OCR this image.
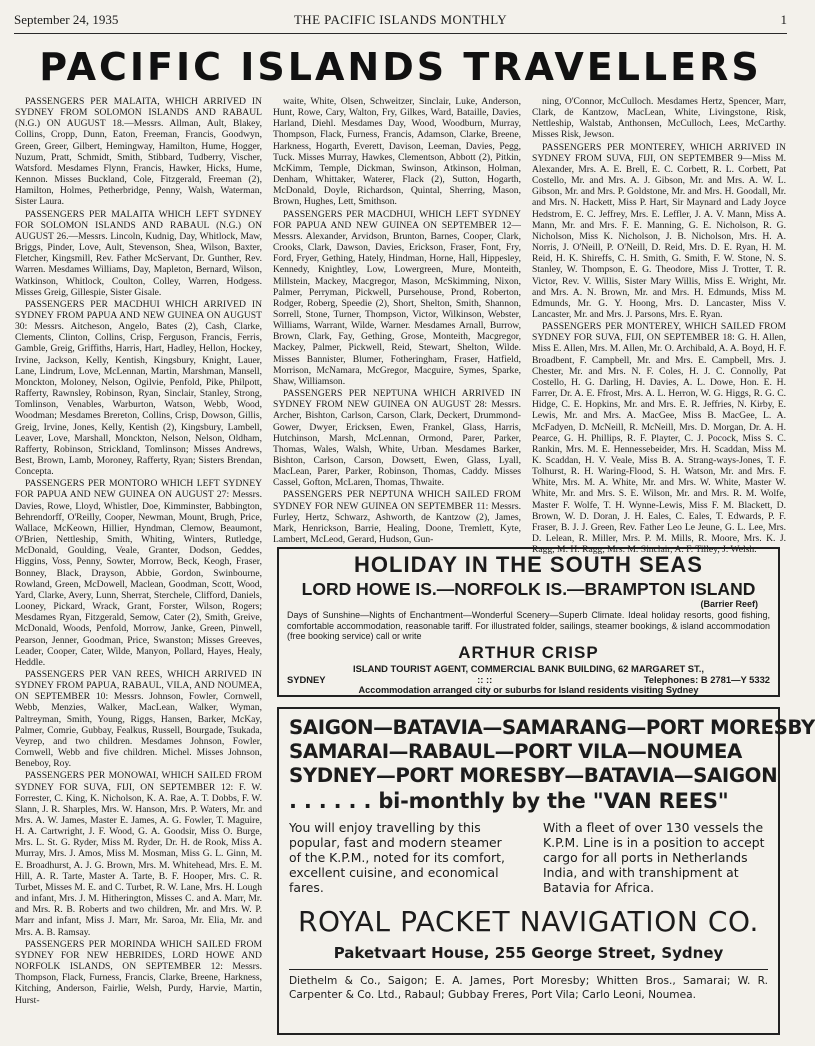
September 24, 1935	THE PACIFIC ISLANDS MONTHLY	1
PACIFIC ISLANDS TRAVELLERS

PASSENGERS PER MALAITA, WHICH ARRIVED IN SYDNEY FROM SOLOMON ISLANDS AND RABAUL (N.G.) ON AUGUST 18.—Messrs. Allman, Ault, Blakey, Collins, Cropp, Dunn, Eaton, Freeman, Francis, Goodwyn, Green, Greer, Gilbert, Hemingway, Hamilton, Hume, Hogger, Nuzum, Pratt, Schmidt, Smith, Stibbard, Tudberry, Vischer, Watsford. Mesdames Flynn, Francis, Hawker, Hicks, Hume, Kennon. Misses Buckland, Cole, Fitzgerald, Freeman (2), Hamilton, Holmes, Petherbridge, Penny, Walsh, Waterman, Sister Laura.

PASSENGERS PER MALAITA WHICH LEFT SYDNEY FOR SOLOMON ISLANDS AND RABAUL (N.G.) ON AUGUST 26.—Messrs. Lincoln, Kudnig, Day, Whitlock, Maw, Briggs, Pinder, Love, Ault, Stevenson, Shea, Wilson, Baxter, Fletcher, Kingsmill, Rev. Father McServant, Dr. Gunther, Rev. Warren. Mesdames Williams, Day, Mapleton, Bernard, Wilson, Watkinson, Whitlock, Coulton, Colley, Warren, Hodgess. Misses Greig, Gillespie, Sister Gisale.

PASSENGERS PER MACDHUI WHICH ARRIVED IN SYDNEY FROM PAPUA AND NEW GUINEA ON AUGUST 30: Messrs. Aitcheson, Angelo, Bates (2), Cash, Clarke, Clements, Clinton, Collins, Crisp, Ferguson, Francis, Ferris, Gamble, Greig, Griffiths, Harris, Hart, Hadley, Hellon, Hockey, Irvine, Jackson, Kelly, Kentish, Kingsbury, Knight, Lauer, Lane, Lindrum, Love, McLennan, Martin, Marshman, Mansell, Monckton, Moloney, Nelson, Ogilvie, Penfold, Pike, Philpott, Rafferty, Rawnsley, Robinson, Ryan, Sinclair, Stanley, Strong, Tomlinson, Venables, Warburton, Watson, Webb, Wood, Woodman; Mesdames Brereton, Collins, Crisp, Dowson, Gillis, Greig, Irvine, Jones, Kelly, Kentish (2), Kingsbury, Lambell, Leaver, Love, Marshall, Monckton, Nelson, Nelson, Oldham, Rafferty, Robinson, Strickland, Tomlinson; Misses Andrews, Best, Brown, Lamb, Moroney, Rafferty, Ryan; Sisters Brendan, Concepta.

PASSENGERS PER MONTORO WHICH LEFT SYDNEY FOR PAPUA AND NEW GUINEA ON AUGUST 27: Messrs. Davies, Rowe, Lloyd, Whistler, Doe, Kimminster, Babbington, Behrendorff, O'Reilly, Cooper, Newman, Mount, Brugh, Price, Wallace, McKeown, Hillier, Hyndman, Clemow, Beaumont, O'Brien, Nettleship, Smith, Whiting, Winters, Rutledge, McDonald, Goulding, Veale, Granter, Dodson, Geddes, Higgins, Voss, Penny, Sowter, Morrow, Beck, Keogh, Fraser, Bonney, Black, Drayson, Abbie, Gordon, Swinbourne, Rowland, Green, McDowell, Maclean, Goodman, Scott, Wood, Yard, Clarke, Avery, Lunn, Sherrat, Sterchele, Clifford, Daniels, Looney, Pickard, Wrack, Grant, Forster, Wilson, Rogers; Mesdames Ryan, Fitzgerald, Semow, Cater (2), Smith, Greive, McDonald, Woods, Penfold, Morrow, Janke, Green, Pinwell, Pearson, Jenner, Goodman, Price, Swanston; Misses Greeves, Leader, Cooper, Cater, Wilde, Manyon, Pollard, Hayes, Healy, Heddle.

PASSENGERS PER VAN REES, WHICH ARRIVED IN SYDNEY FROM PAPUA, RABAUL, VILA, AND NOUMEA, ON SEPTEMBER 10: Messrs. Johnson, Fowler, Cornwell, Webb, Menzies, Walker, MacLean, Walker, Wyman, Paltreyman, Smith, Young, Riggs, Hansen, Barker, McKay, Palmer, Comrie, Gubbay, Fealkus, Russell, Bourgade, Tsukada, Veyrep, and two children. Mesdames Johnson, Fowler, Cornwell, Webb and five children. Michel. Misses Johnson, Beneboy, Roy.

PASSENGERS PER MONOWAI, WHICH SAILED FROM SYDNEY FOR SUVA, FIJI, ON SEPTEMBER 12: F. W. Forrester, C. King, K. Nicholson, K. A. Rae, A. T. Dobbs, F. W. Slann, J. R. Sharples, Mrs. W. Hanson, Mrs. P. Waters, Mr. and Mrs. A. W. James, Master E. James, A. G. Fowler, T. Maguire, H. A. Cartwright, J. F. Wood, G. A. Goodsir, Miss O. Burge, Mrs. L. St. G. Ryder, Miss M. Ryder, Dr. H. de Rook, Miss A. Murray, Mrs. J. Amos, Miss M. Mosman, Miss G. L. Ginn, M. E. Broadhurst, A. J. G. Brown, Mrs. M. Whitehead, Mrs. E. M. Hill, A. R. Tarte, Master A. Tarte, B. F. Hooper, Mrs. C. R. Turbet, Misses M. E. and C. Turbet, R. W. Lane, Mrs. H. Lough and infant, Mrs. J. M. Hitherington, Misses C. and A. Marr, Mr. and Mrs. R. B. Roberts and two children, Mr. and Mrs. W. P. Marr and infant, Miss J. Marr, Mr. Saroa, Mr. Elia, Mr. and Mrs. A. B. Ramsay.

PASSENGERS PER MORINDA WHICH SAILED FROM SYDNEY FOR NEW HEBRIDES, LORD HOWE AND NORFOLK ISLANDS, ON SEPTEMBER 12: Messrs. Thompson, Flack, Furness, Francis, Clarke, Breene, Harkness, Kitching, Anderson, Fairlie, Welsh, Purdy, Harvie, Martin, Hurst-

waite, White, Olsen, Schweitzer, Sinclair, Luke, Anderson, Hunt, Rowe, Cary, Walton, Fry, Gilkes, Ward, Bataille, Davies, Harland, Diehl. Mesdames Day, Wood, Woodburn, Murray, Thompson, Flack, Furness, Francis, Adamson, Clarke, Breene, Harkness, Hogarth, Everett, Davison, Leeman, Davies, Pegg, Tuck. Misses Murray, Hawkes, Clementson, Abbott (2), Pitkin, McKimm, Temple, Dickman, Swinson, Atkinson, Holman, Denham, Whittaker, Waterer, Flack (2), Sutton, Hogarth, McDonald, Doyle, Richardson, Quintal, Sherring, Mason, Brown, Hughes, Lett, Smithson.

PASSENGERS PER MACDHUI, WHICH LEFT SYDNEY FOR PAPUA AND NEW GUINEA ON SEPTEMBER 12—Messrs. Alexander, Arvidson, Brunton, Barnes, Cooper, Clark, Crooks, Clark, Dawson, Davies, Erickson, Fraser, Font, Fry, Ford, Fryer, Gething, Hately, Hindman, Horne, Hall, Hippesley, Kennedy, Knightley, Low, Lowergreen, Mure, Monteith, Millstein, Mackey, Macgregor, Mason, McSkimming, Nixon, Palmer, Perryman, Pickwell, Pursehouse, Prond, Roberton, Rodger, Roberg, Speedie (2), Short, Shelton, Smith, Shannon, Sorrell, Stone, Turner, Thompson, Victor, Wilkinson, Webster, Williams, Warrant, Wilde, Warner. Mesdames Arnall, Burrow, Brown, Clark, Fay, Gething, Grose, Monteith, Macgregor, Mackey, Palmer, Pickwell, Reid, Stewart, Shelton, Wilde. Misses Bannister, Blumer, Fotheringham, Fraser, Hatfield, Morrison, McNamara, McGregor, Macguire, Symes, Sparke, Shaw, Williamson.

PASSENGERS PER NEPTUNA WHICH ARRIVED IN SYDNEY FROM NEW GUINEA ON AUGUST 28: Messrs. Archer, Bishton, Carlson, Carson, Clark, Deckert, Drummond-Gower, Dwyer, Ericksen, Ewen, Frankel, Glass, Harris, Hutchinson, Marsh, McLennan, Ormond, Parer, Parker, Thomas, Wales, Walsh, White, Urban. Mesdames Barker, Bishton, Carlson, Carson, Dowsett, Ewen, Glass, Lyall, MacLean, Parer, Parker, Robinson, Thomas, Caddy. Misses Cassel, Gofton, McLaren, Thomas, Thwaite.

PASSENGERS PER NEPTUNA WHICH SAILED FROM SYDNEY FOR NEW GUINEA ON SEPTEMBER 11: Messrs. Furley, Hertz, Schwarz, Ashworth, de Kantzow (2), James, Mark, Henrickson, Barrie, Healing, Doone, Tremlett, Kyte, Lambert, McLeod, Gerard, Hudson, Gun-

ning, O'Connor, McCulloch. Mesdames Hertz, Spencer, Marr, Clark, de Kantzow, MacLean, White, Livingstone, Risk, Nettleship, Walstab, Anthonsen, McCulloch, Lees, McCarthy. Misses Risk, Jewson.

PASSENGERS PER MONTEREY, WHICH ARRIVED IN SYDNEY FROM SUVA, FIJI, ON SEPTEMBER 9—Miss M. Alexander, Mrs. A. E. Brell, E. C. Corbett, R. L. Corbett, Pat Costello, Mr. and Mrs. A. J. Gibson, Mr. and Mrs. A. W. L. Gibson, Mr. and Mrs. P. Goldstone, Mr. and Mrs. H. Goodall, Mr. and Mrs. N. Hackett, Miss P. Hart, Sir Maynard and Lady Joyce Hedstrom, E. C. Jeffrey, Mrs. E. Leffler, J. A. V. Mann, Miss A. Mann, Mr. and Mrs. F. E. Manning, G. E. Nicholson, R. G. Nicholson, Miss K. Nicholson, J. B. Nicholson, Mrs. H. A. Norris, J. O'Neill, P. O'Neill, D. Reid, Mrs. D. E. Ryan, H. M. Reid, H. K. Shireffs, C. H. Smith, G. Smith, F. W. Stone, N. S. Stanley, W. Thompson, E. G. Theodore, Miss J. Trotter, T. R. Victor, Rev. V. Willis, Sister Mary Willis, Miss E. Wright, Mr. and Mrs. A. N. Brown, Mr. and Mrs. H. Edmunds, Miss M. Edmunds, Mr. G. Y. Hoong, Mrs. D. Lancaster, Miss V. Lancaster, Mr. and Mrs. J. Parsons, Mrs. E. Ryan.

PASSENGERS PER MONTEREY, WHICH SAILED FROM SYDNEY FOR SUVA, FIJI, ON SEPTEMBER 18: G. H. Allen, Miss E. Allen, Mrs. M. Allen, Mr. O. Archibald, A. A. Boyd, H. F. Broadbent, F. Campbell, Mr. and Mrs. E. Campbell, Mrs. J. Chester, Mr. and Mrs. N. F. Coles, H. J. C. Connolly, Pat Costello, H. G. Darling, H. Davies, A. L. Dowe, Hon. E. H. Farrer, Dr. A. E. Ffrost, Mrs. A. L. Herron, W. G. Higgs, R. G. C. Hidge, C. E. Hopkins, Mr. and Mrs. E. R. Jeffries, N. Kirby, E. Lewis, Mr. and Mrs. A. MacGee, Miss B. MacGee, L. A. McFadyen, D. McNeill, R. McNeill, Mrs. D. Morgan, Dr. A. H. Pearce, G. H. Phillips, R. F. Playter, C. J. Pocock, Miss S. C. Rankin, Mrs. M. E. Hennessebeider, Mrs. H. Scaddan, Miss M. K. Scaddan, H. V. Veale, Miss B. A. Strang-ways-Jones, T. F. Tolhurst, R. H. Waring-Flood, S. H. Watson, Mr. and Mrs. F. White, Mrs. M. A. White, Mr. and Mrs. W. White, Master W. White, Mr. and Mrs. S. E. Wilson, Mr. and Mrs. R. M. Wolfe, Master F. Wolfe, T. H. Wynne-Lewis, Miss F. M. Blackett, D. Brown, W. D. Doran, J. H. Eales, C. Eales, T. Edwards, P. F. Fraser, B. J. J. Green, Rev. Father Leo Le Jeune, G. L. Lee, Mrs. D. Lelean, R. Miller, Mrs. P. M. Mills, R. Moore, Mrs. K. J. Ragg, M. H. Ragg, Mrs. M. Sinclair, A. F. Tilley, J. Welsh.

HOLIDAY IN THE SOUTH SEAS
LORD HOWE IS.—NORFOLK IS.—BRAMPTON ISLAND
(Barrier Reef)
Days of Sunshine—Nights of Enchantment—Wonderful Scenery—Superb Climate. Ideal holiday resorts, good fishing, comfortable accommodation, reasonable tariff. For illustrated folder, sailings, steamer bookings, & island accommodation (free booking service) call or write
ARTHUR CRISP
ISLAND TOURIST AGENT, COMMERCIAL BANK BUILDING, 62 MARGARET ST.,
SYDNEY	:: ::	Telephones: B 2781—Y 5332
Accommodation arranged city or suburbs for Island residents visiting Sydney
SAIGON—BATAVIA—SAMARANG—PORT MORESBY
SAMARAI—RABAUL—PORT VILA—NOUMEA
SYDNEY—PORT MORESBY—BATAVIA—SAIGON
. . . . . . bi-monthly by the "VAN REES"
You will enjoy travelling by this popular, fast and modern steamer of the K.P.M., noted for its comfort, excellent cuisine, and economical fares.
With a fleet of over 130 vessels the K.P.M. Line is in a position to accept cargo for all ports in Netherlands India, and with transhipment at Batavia for Africa.
ROYAL PACKET NAVIGATION CO.
Paketvaart House, 255 George Street, Sydney
Diethelm & Co., Saigon; E. A. James, Port Moresby; Whitten Bros., Samarai; W. R. Carpenter & Co. Ltd., Rabaul; Gubbay Freres, Port Vila; Carlo Leoni, Noumea.
